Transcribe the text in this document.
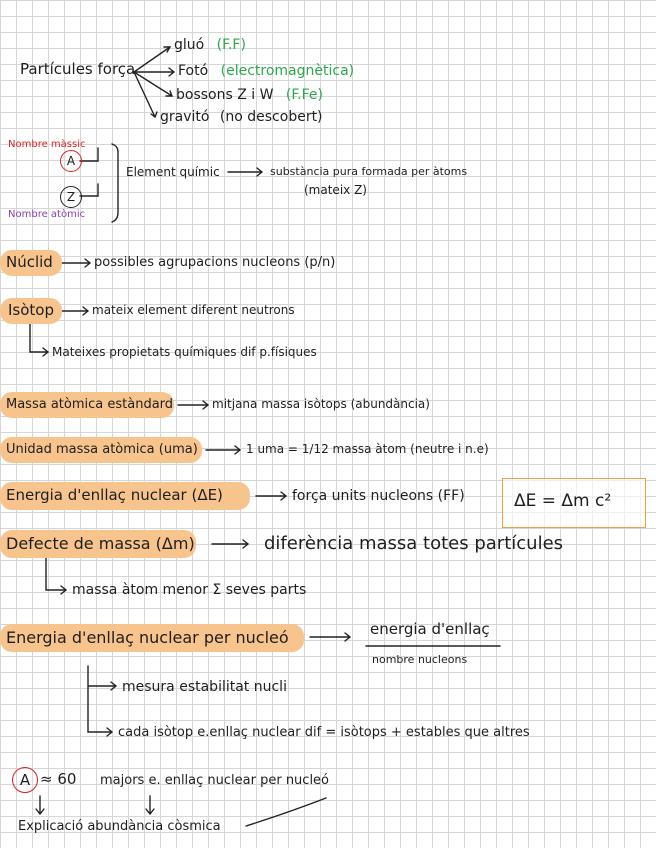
Partícules força
gluó (F.F)
Fotó (electromagnètica)
bossons Z i W (F.Fe)
gravitó (no descobert)
Nombre màssic
A
Z
Nombre atòmic
Element químic	substància pura formada per àtoms
(mateix Z)
Núclid	possibles agrupacions nucleons (p/n)
Isòtop	mateix element diferent neutrons
Mateixes propietats químiques dif p.físiques
Massa atòmica estàndard	mitjana massa isòtops (abundància)
Unidad massa atòmica (uma)	1 uma = 1/12 massa àtom (neutre i n.e)
Energia d'enllaç nuclear (ΔE)	força units nucleons (FF)	ΔE = Δm c²
Defecte de massa (Δm)	diferència massa totes partícules
massa àtom menor Σ seves parts
Energia d'enllaç nuclear per nucleó	energia d'enllaç
nombre nucleons
mesura estabilitat nucli
cada isòtop e.enllaç nuclear dif = isòtops + estables que altres
A ≈ 60 majors e. enllaç nuclear per nucleó
Explicació abundància còsmica
